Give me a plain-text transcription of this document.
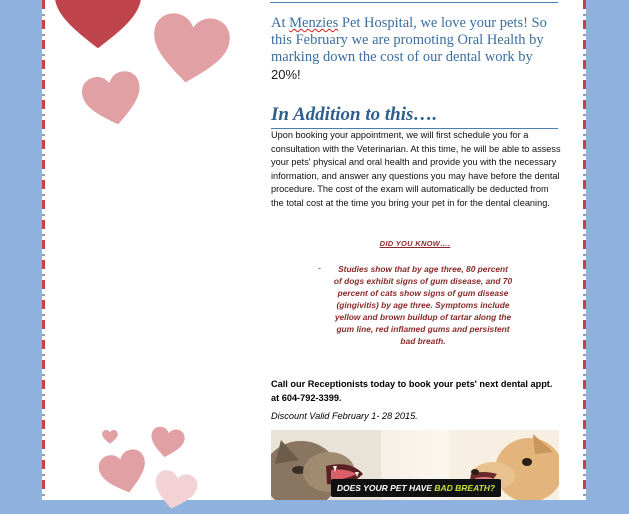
At Menzies Pet Hospital, we love your pets! So this February we are promoting Oral Health by marking down the cost of our dental work by 20%!

In Addition to this….

Upon booking your appointment, we will first schedule you for a consultation with the Veterinarian. At this time, he will be able to assess your pets' physical and oral health and provide you with the necessary information, and answer any questions you may have before the dental procedure. The cost of the exam will automatically be deducted from the total cost at the time you bring your pet in for the dental cleaning.

DID YOU KNOW….

-	Studies show that by age three, 80 percent of dogs exhibit signs of gum disease, and 70 percent of cats show signs of gum disease (gingivitis) by age three. Symptoms include yellow and brown buildup of tartar along the gum line, red inflamed gums and persistent bad breath.

Call our Receptionists today to book your pets' next dental appt. at 604-792-3399.

Discount Valid February 1- 28 2015.

DOES YOUR PET HAVE BAD BREATH?
